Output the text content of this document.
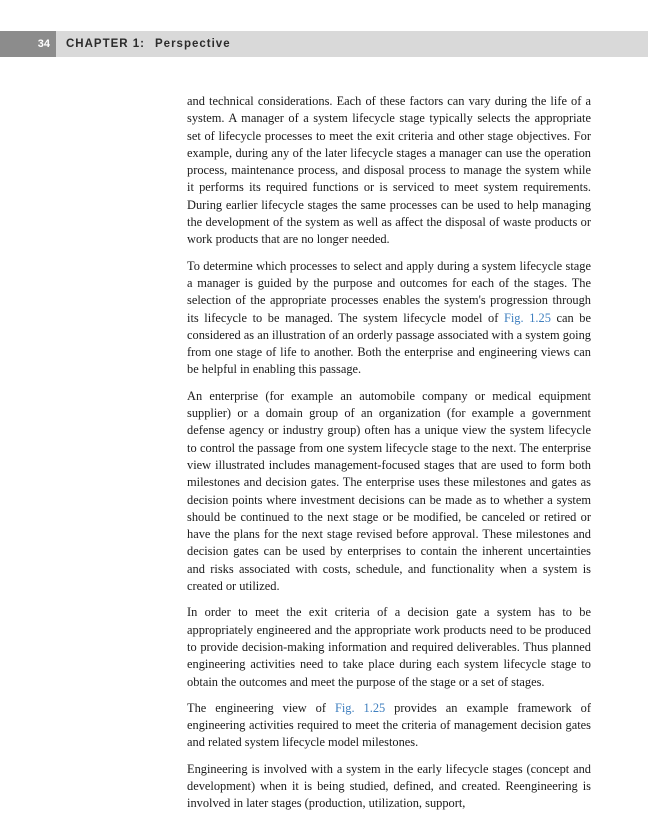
34	CHAPTER 1: Perspective

and technical considerations. Each of these factors can vary during the life of a system. A manager of a system lifecycle stage typically selects the appropriate set of lifecycle processes to meet the exit criteria and other stage objectives. For example, during any of the later lifecycle stages a manager can use the operation process, maintenance process, and disposal process to manage the system while it performs its required functions or is serviced to meet system requirements. During earlier lifecycle stages the same processes can be used to help managing the development of the system as well as affect the disposal of waste products or work products that are no longer needed.

To determine which processes to select and apply during a system lifecycle stage a manager is guided by the purpose and outcomes for each of the stages. The selection of the appropriate processes enables the system's progression through its lifecycle to be managed. The system lifecycle model of Fig. 1.25 can be considered as an illustration of an orderly passage associated with a system going from one stage of life to another. Both the enterprise and engineering views can be helpful in enabling this passage.

An enterprise (for example an automobile company or medical equipment supplier) or a domain group of an organization (for example a government defense agency or industry group) often has a unique view the system lifecycle to control the passage from one system lifecycle stage to the next. The enterprise view illustrated includes management-focused stages that are used to form both milestones and decision gates. The enterprise uses these milestones and gates as decision points where investment decisions can be made as to whether a system should be continued to the next stage or be modified, be canceled or retired or have the plans for the next stage revised before approval. These milestones and decision gates can be used by enterprises to contain the inherent uncertainties and risks associated with costs, schedule, and functionality when a system is created or utilized.

In order to meet the exit criteria of a decision gate a system has to be appropriately engineered and the appropriate work products need to be produced to provide decision-making information and required deliverables. Thus planned engineering activities need to take place during each system lifecycle stage to obtain the outcomes and meet the purpose of the stage or a set of stages.

The engineering view of Fig. 1.25 provides an example framework of engineering activities required to meet the criteria of management decision gates and related system lifecycle model milestones.

Engineering is involved with a system in the early lifecycle stages (concept and development) when it is being studied, defined, and created. Reengineering is involved in later stages (production, utilization, support,
